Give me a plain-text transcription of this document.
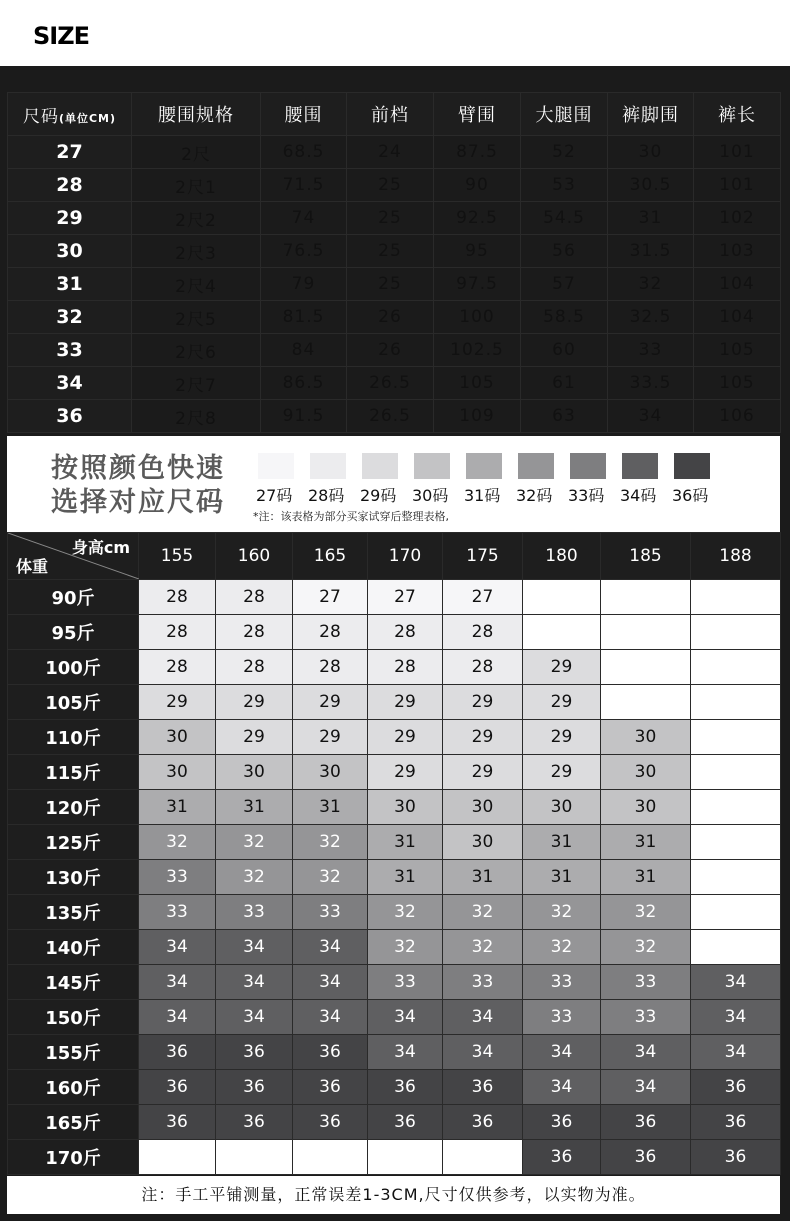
SIZE
尺码(单位CM)	腰围规格	腰围	前档	臂围	大腿围	裤脚围	裤长
27	2尺	68.5	24	87.5	52	30	101
28	2尺1	71.5	25	90	53	30.5	101
29	2尺2	74	25	92.5	54.5	31	102
30	2尺3	76.5	25	95	56	31.5	103
31	2尺4	79	25	97.5	57	32	104
32	2尺5	81.5	26	100	58.5	32.5	104
33	2尺6	84	26	102.5	60	33	105
34	2尺7	86.5	26.5	105	61	33.5	105
36	2尺8	91.5	26.5	109	63	34	106
按照颜色快速
选择对应尺码 27码 28码 29码 30码 31码 32码 33码 34码 36码
*注：该表格为部分买家试穿后整理表格,
身高cm
体重	155	160	165	170	175	180	185	188
90斤	28	28	27	27	27			
95斤	28	28	28	28	28			
100斤	28	28	28	28	28	29		
105斤	29	29	29	29	29	29		
110斤	30	29	29	29	29	29	30	
115斤	30	30	30	29	29	29	30	
120斤	31	31	31	30	30	30	30	
125斤	32	32	32	31	30	31	31	
130斤	33	32	32	31	31	31	31	
135斤	33	33	33	32	32	32	32	
140斤	34	34	34	32	32	32	32	
145斤	34	34	34	33	33	33	33	34
150斤	34	34	34	34	34	33	33	34
155斤	36	36	36	34	34	34	34	34
160斤	36	36	36	36	36	34	34	36
165斤	36	36	36	36	36	36	36	36
170斤						36	36	36
注：手工平铺测量，正常误差1-3CM,尺寸仅供参考，以实物为准。
